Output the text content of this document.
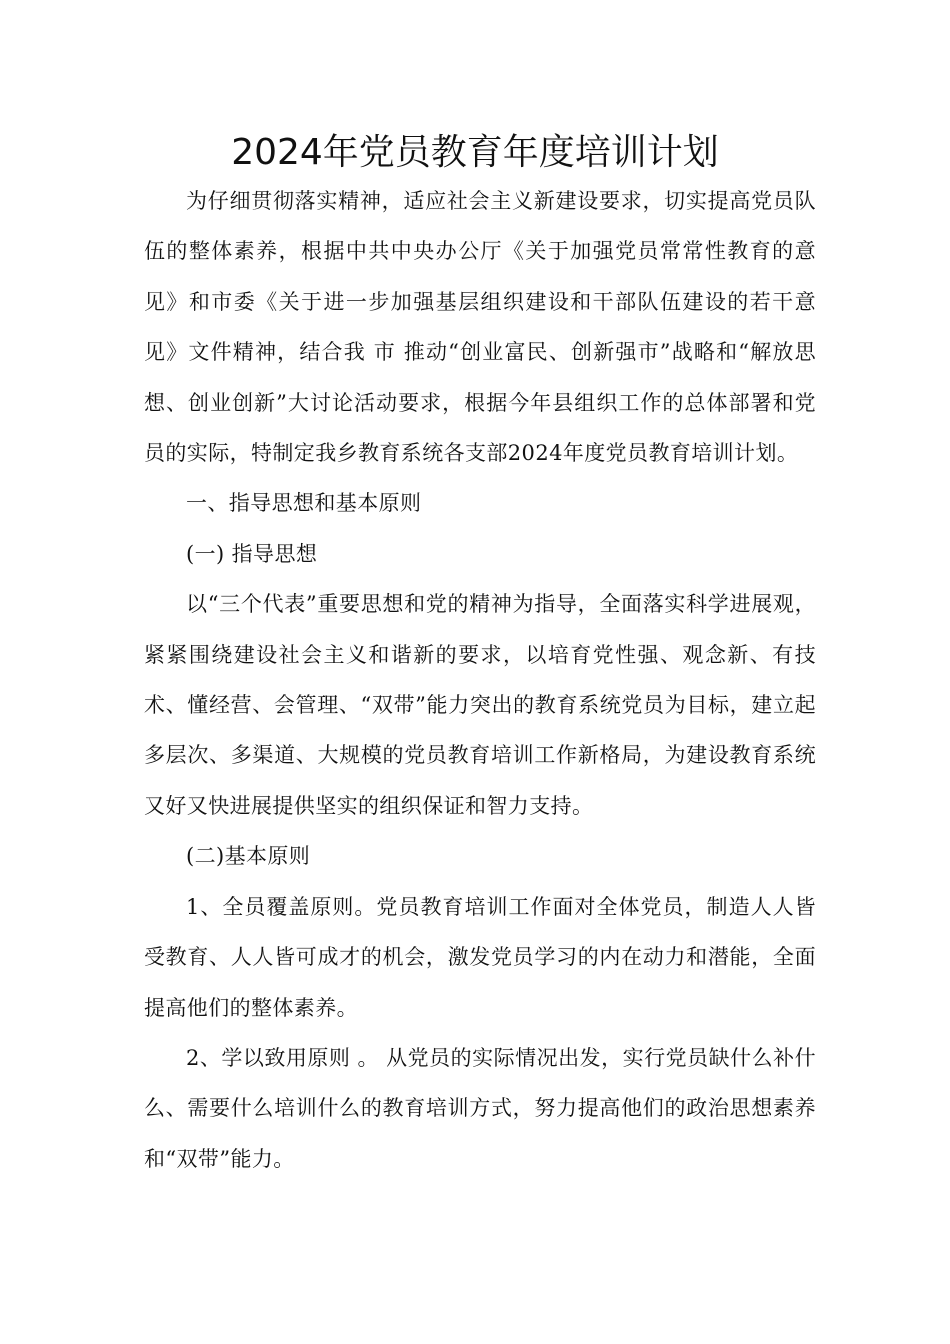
2024年党员教育年度培训计划

为仔细贯彻落实精神，适应社会主义新建设要求，切实提高党员队伍的整体素养，根据中共中央办公厅《关于加强党员常常性教育的意见》和市委《关于进一步加强基层组织建设和干部队伍建设的若干意见》文件精神，结合我 市 推动“创业富民、创新强市”战略和“解放思想、创业创新”大讨论活动要求，根据今年县组织工作的总体部署和党员的实际，特制定我乡教育系统各支部2024年度党员教育培训计划。

一、指导思想和基本原则

(一) 指导思想

以“三个代表”重要思想和党的精神为指导，全面落实科学进展观，紧紧围绕建设社会主义和谐新的要求，以培育党性强、观念新、有技术、懂经营、会管理、“双带”能力突出的教育系统党员为目标，建立起多层次、多渠道、大规模的党员教育培训工作新格局，为建设教育系统又好又快进展提供坚实的组织保证和智力支持。

(二)基本原则

1、全员覆盖原则。党员教育培训工作面对全体党员，制造人人皆受教育、人人皆可成才的机会，激发党员学习的内在动力和潜能，全面提高他们的整体素养。

2、学以致用原则 。 从党员的实际情况出发，实行党员缺什么补什么、需要什么培训什么的教育培训方式，努力提高他们的政治思想素养和“双带”能力。
